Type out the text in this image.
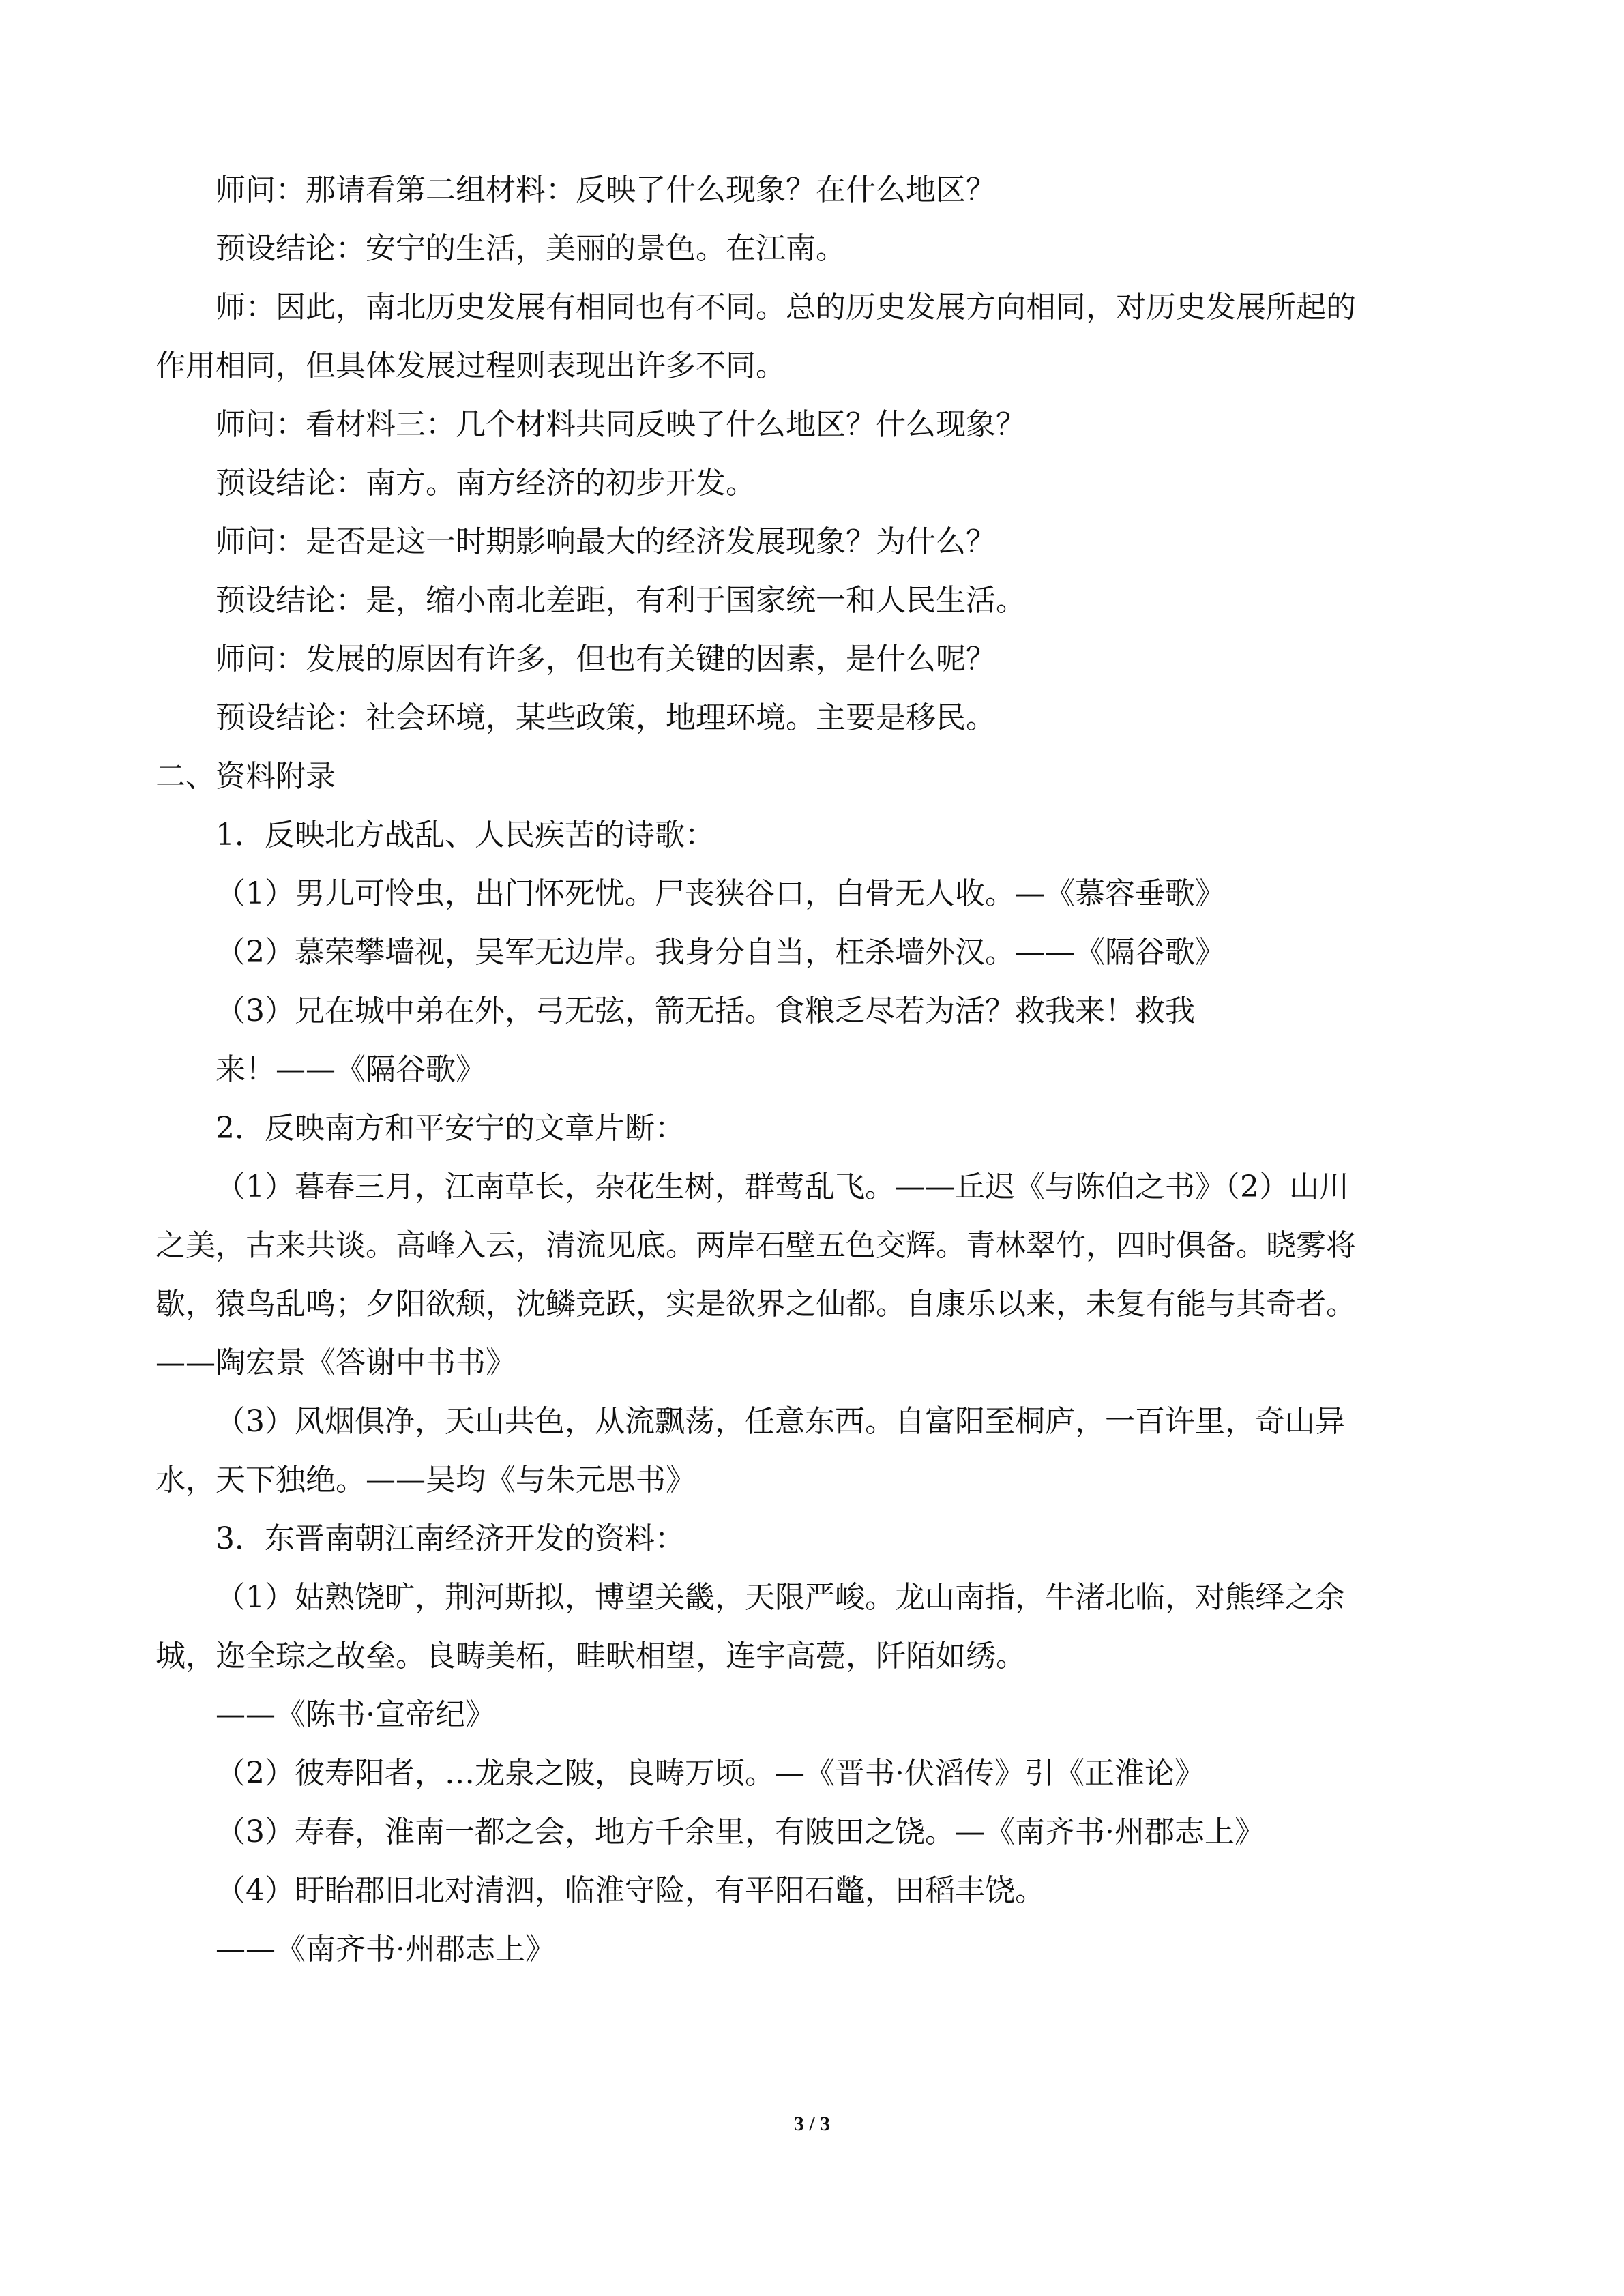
师问：那请看第二组材料：反映了什么现象？在什么地区？
预设结论：安宁的生活，美丽的景色。在江南。
师：因此，南北历史发展有相同也有不同。总的历史发展方向相同，对历史发展所起的
作用相同，但具体发展过程则表现出许多不同。
师问：看材料三：几个材料共同反映了什么地区？什么现象？
预设结论：南方。南方经济的初步开发。
师问：是否是这一时期影响最大的经济发展现象？为什么？
预设结论：是，缩小南北差距，有利于国家统一和人民生活。
师问：发展的原因有许多，但也有关键的因素，是什么呢？
预设结论：社会环境，某些政策，地理环境。主要是移民。
二、资料附录
1．反映北方战乱、人民疾苦的诗歌：
（1）男儿可怜虫，出门怀死忧。尸丧狭谷口，白骨无人收。—《慕容垂歌》
（2）慕荣攀墙视，吴军无边岸。我身分自当，枉杀墙外汉。——《隔谷歌》
（3）兄在城中弟在外，弓无弦，箭无括。食粮乏尽若为活？救我来！救我
来！——《隔谷歌》
2．反映南方和平安宁的文章片断：
（1）暮春三月，江南草长，杂花生树，群莺乱飞。——丘迟《与陈伯之书》（2）山川
之美，古来共谈。高峰入云，清流见底。两岸石壁五色交辉。青林翠竹，四时俱备。晓雾将
歇，猿鸟乱鸣；夕阳欲颓，沈鳞竞跃，实是欲界之仙都。自康乐以来，未复有能与其奇者。
——陶宏景《答谢中书书》
（3）风烟俱净，天山共色，从流飘荡，任意东西。自富阳至桐庐，一百许里，奇山异
水，天下独绝。——吴均《与朱元思书》
3．东晋南朝江南经济开发的资料：
（1）姑熟饶旷，荆河斯拟，博望关畿，天限严峻。龙山南指，牛渚北临，对熊绎之余
城，迩全琮之故垒。良畴美柘，畦畎相望，连宇高甍，阡陌如绣。
——《陈书·宣帝纪》
（2）彼寿阳者，…龙泉之陂，良畴万顷。—《晋书·伏滔传》引《正淮论》
（3）寿春，淮南一都之会，地方千余里，有陂田之饶。—《南齐书·州郡志上》
（4）盱眙郡旧北对清泗，临淮守险，有平阳石鼈，田稻丰饶。
——《南齐书·州郡志上》
3 / 3
